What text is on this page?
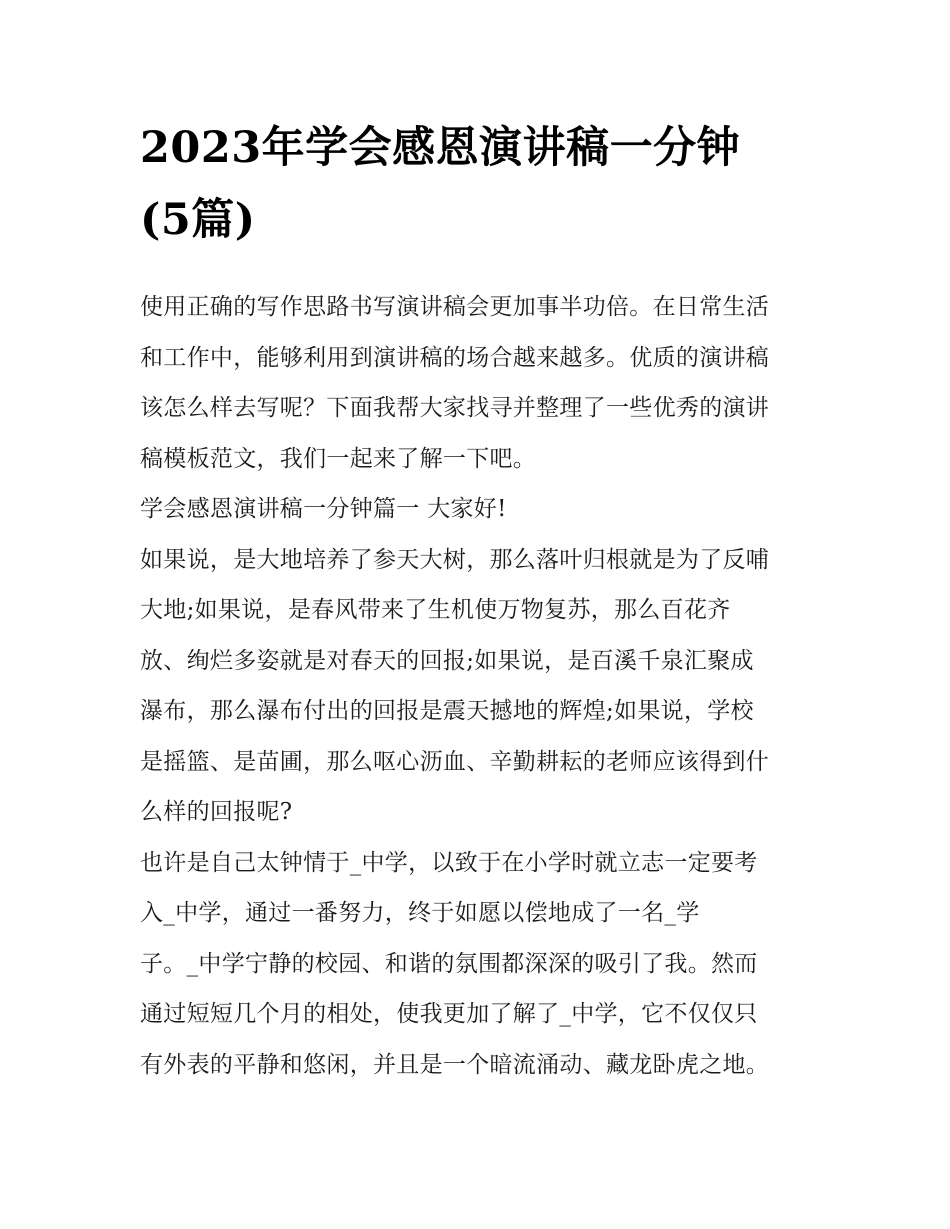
2023年学会感恩演讲稿一分钟
(5篇)
使用正确的写作思路书写演讲稿会更加事半功倍。在日常生活
和工作中，能够利用到演讲稿的场合越来越多。优质的演讲稿
该怎么样去写呢？下面我帮大家找寻并整理了一些优秀的演讲
稿模板范文，我们一起来了解一下吧。
学会感恩演讲稿一分钟篇一 大家好!
如果说，是大地培养了参天大树，那么落叶归根就是为了反哺
大地;如果说，是春风带来了生机使万物复苏，那么百花齐
放、绚烂多姿就是对春天的回报;如果说，是百溪千泉汇聚成
瀑布，那么瀑布付出的回报是震天撼地的辉煌;如果说，学校
是摇篮、是苗圃，那么呕心沥血、辛勤耕耘的老师应该得到什
么样的回报呢?
也许是自己太钟情于_中学，以致于在小学时就立志一定要考
入_中学，通过一番努力，终于如愿以偿地成了一名_学
子。_中学宁静的校园、和谐的氛围都深深的吸引了我。然而
通过短短几个月的相处，使我更加了解了_中学，它不仅仅只
有外表的平静和悠闲，并且是一个暗流涌动、藏龙卧虎之地。
